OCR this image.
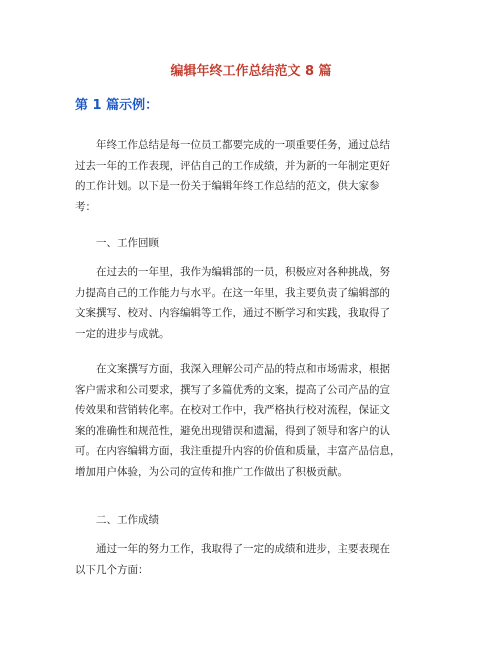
编辑年终工作总结范文 8 篇
第 1 篇示例：
年终工作总结是每一位员工都要完成的一项重要任务，通过总结
过去一年的工作表现，评估自己的工作成绩，并为新的一年制定更好
的工作计划。以下是一份关于编辑年终工作总结的范文，供大家参
考：
一、工作回顾
在过去的一年里，我作为编辑部的一员，积极应对各种挑战，努
力提高自己的工作能力与水平。在这一年里，我主要负责了编辑部的
文案撰写、校对、内容编辑等工作，通过不断学习和实践，我取得了
一定的进步与成就。
在文案撰写方面，我深入理解公司产品的特点和市场需求，根据
客户需求和公司要求，撰写了多篇优秀的文案，提高了公司产品的宣
传效果和营销转化率。在校对工作中，我严格执行校对流程，保证文
案的准确性和规范性，避免出现错误和遗漏，得到了领导和客户的认
可。在内容编辑方面，我注重提升内容的价值和质量，丰富产品信息，
增加用户体验，为公司的宣传和推广工作做出了积极贡献。
二、工作成绩
通过一年的努力工作，我取得了一定的成绩和进步，主要表现在
以下几个方面：
